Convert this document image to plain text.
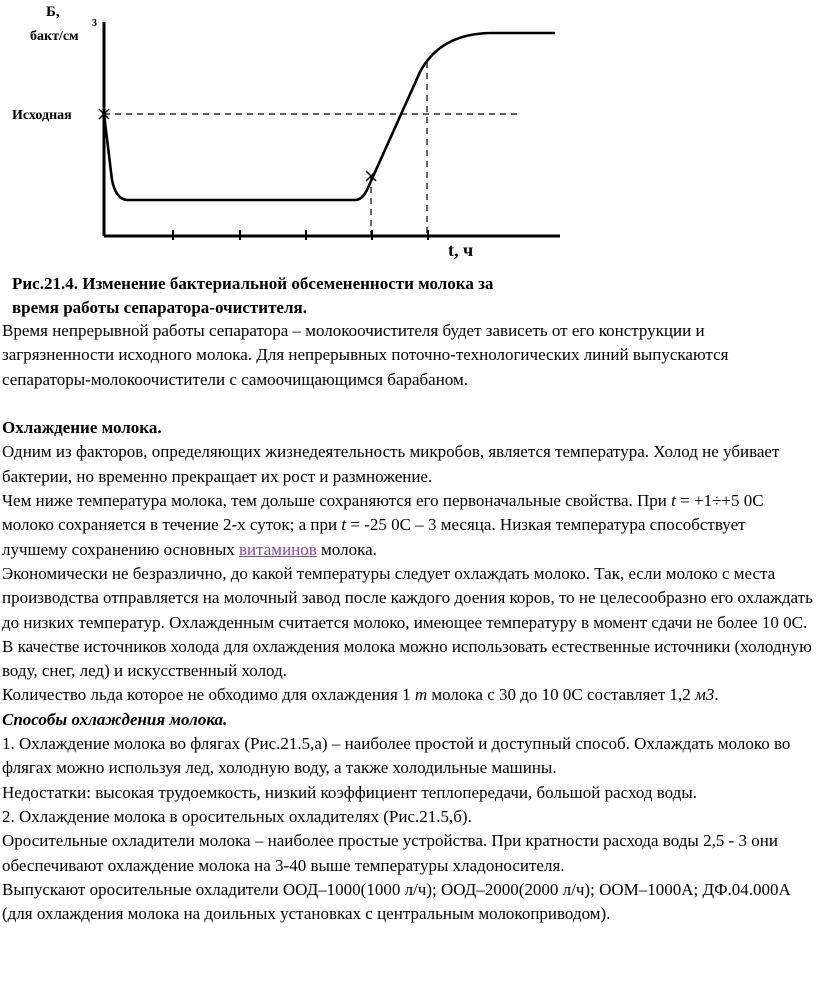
Б,
бакт/см
3
Исходная
t, ч
Рис.21.4. Изменение бактериальной обсемененности молока за
время работы сепаратора-очистителя.

Время непрерывной работы сепаратора – молокоочистителя будет зависеть от его конструкции и загрязненности исходного молока. Для непрерывных поточно-технологических линий выпускаются сепараторы-молокоочистители с самоочищающимся барабаном.

Охлаждение молока.

Одним из факторов, определяющих жизнедеятельность микробов, является температура. Холод не убивает бактерии, но временно прекращает их рост и размножение.

Чем ниже температура молока, тем дольше сохраняются его первоначальные свойства. При t = +1÷+5 0С молоко сохраняется в течение 2-х суток; а при t = -25 0С – 3 месяца. Низкая температура способствует лучшему сохранению основных витаминов молока.

Экономически не безразлично, до какой температуры следует охлаждать молоко. Так, если молоко с места производства отправляется на молочный завод после каждого доения коров, то не целесообразно его охлаждать до низких температур. Охлажденным считается молоко, имеющее температуру в момент сдачи не более 10 0С.

В качестве источников холода для охлаждения молока можно использовать естественные источники (холодную воду, снег, лед) и искусственный холод.

Количество льда которое не обходимо для охлаждения 1 т молока с 30 до 10 0С составляет 1,2 м3.

Способы охлаждения молока.

1. Охлаждение молока во флягах (Рис.21.5,а) – наиболее простой и доступный способ. Охлаждать молоко во флягах можно используя лед, холодную воду, а также холодильные машины.

Недостатки: высокая трудоемкость, низкий коэффициент теплопередачи, большой расход воды.

2. Охлаждение молока в оросительных охладителях (Рис.21.5,б).

Оросительные охладители молока – наиболее простые устройства. При кратности расхода воды 2,5 - 3 они обеспечивают охлаждение молока на 3-40 выше температуры хладоносителя.

Выпускают оросительные охладители ООД–1000(1000 л/ч); ООД–2000(2000 л/ч); ООМ–1000А; ДФ.04.000А (для охлаждения молока на доильных установках с центральным молокоприводом).
